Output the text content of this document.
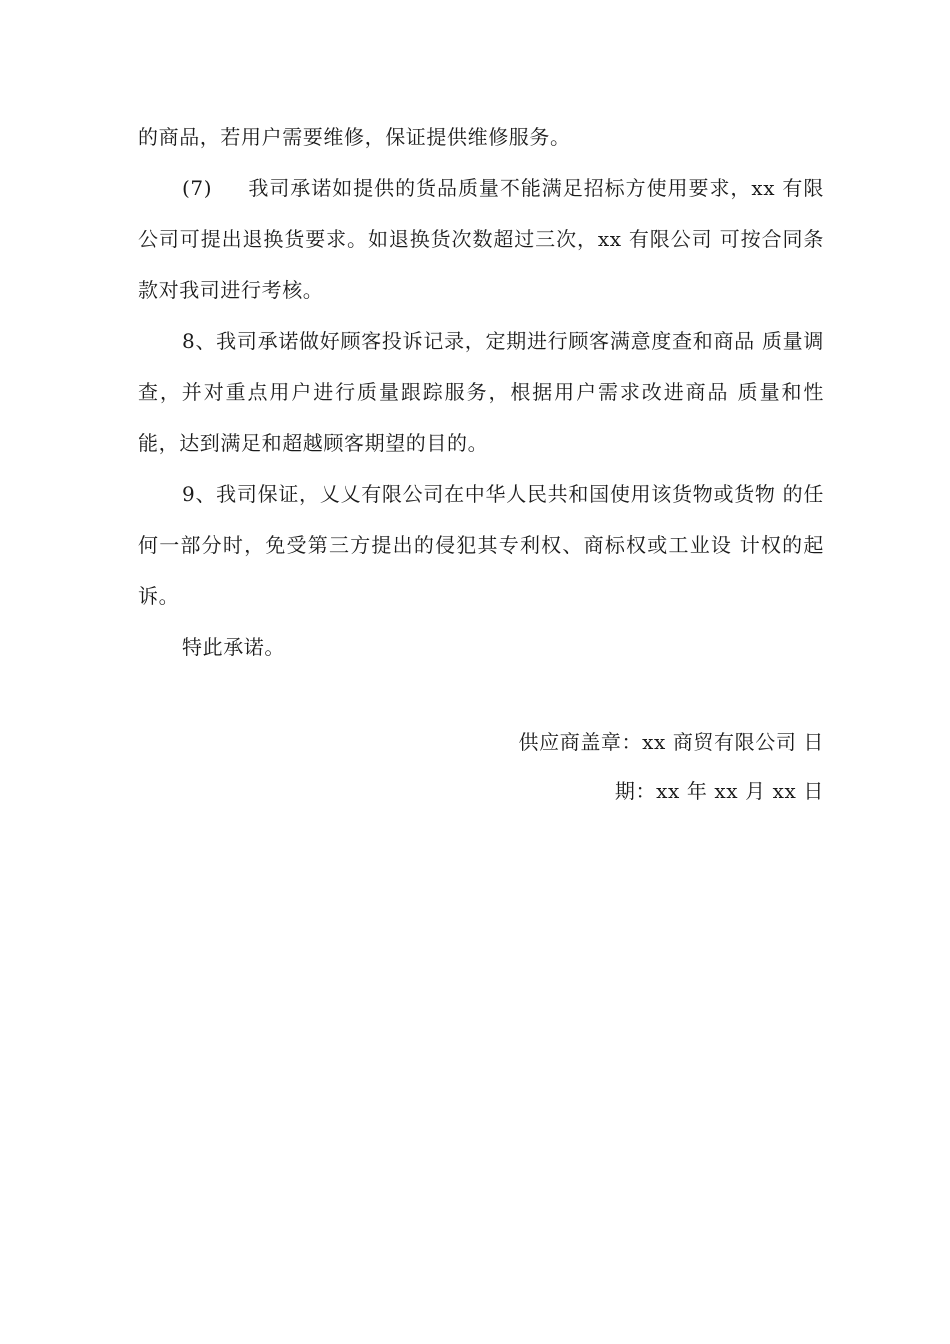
的商品，若用户需要维修，保证提供维修服务。

(7) 我司承诺如提供的货品质量不能满足招标方使用要求，xx 有限公司可提出退换货要求。如退换货次数超过三次，xx 有限公司 可按合同条款对我司进行考核。

8、我司承诺做好顾客投诉记录，定期进行顾客满意度查和商品 质量调查，并对重点用户进行质量跟踪服务，根据用户需求改进商品 质量和性能，达到满足和超越顾客期望的目的。

9、我司保证，乂乂有限公司在中华人民共和国使用该货物或货物 的任何一部分时，免受第三方提出的侵犯其专利权、商标权或工业设 计权的起诉。

特此承诺。

供应商盖章：xx 商贸有限公司 日
期：xx 年 xx 月 xx 日
